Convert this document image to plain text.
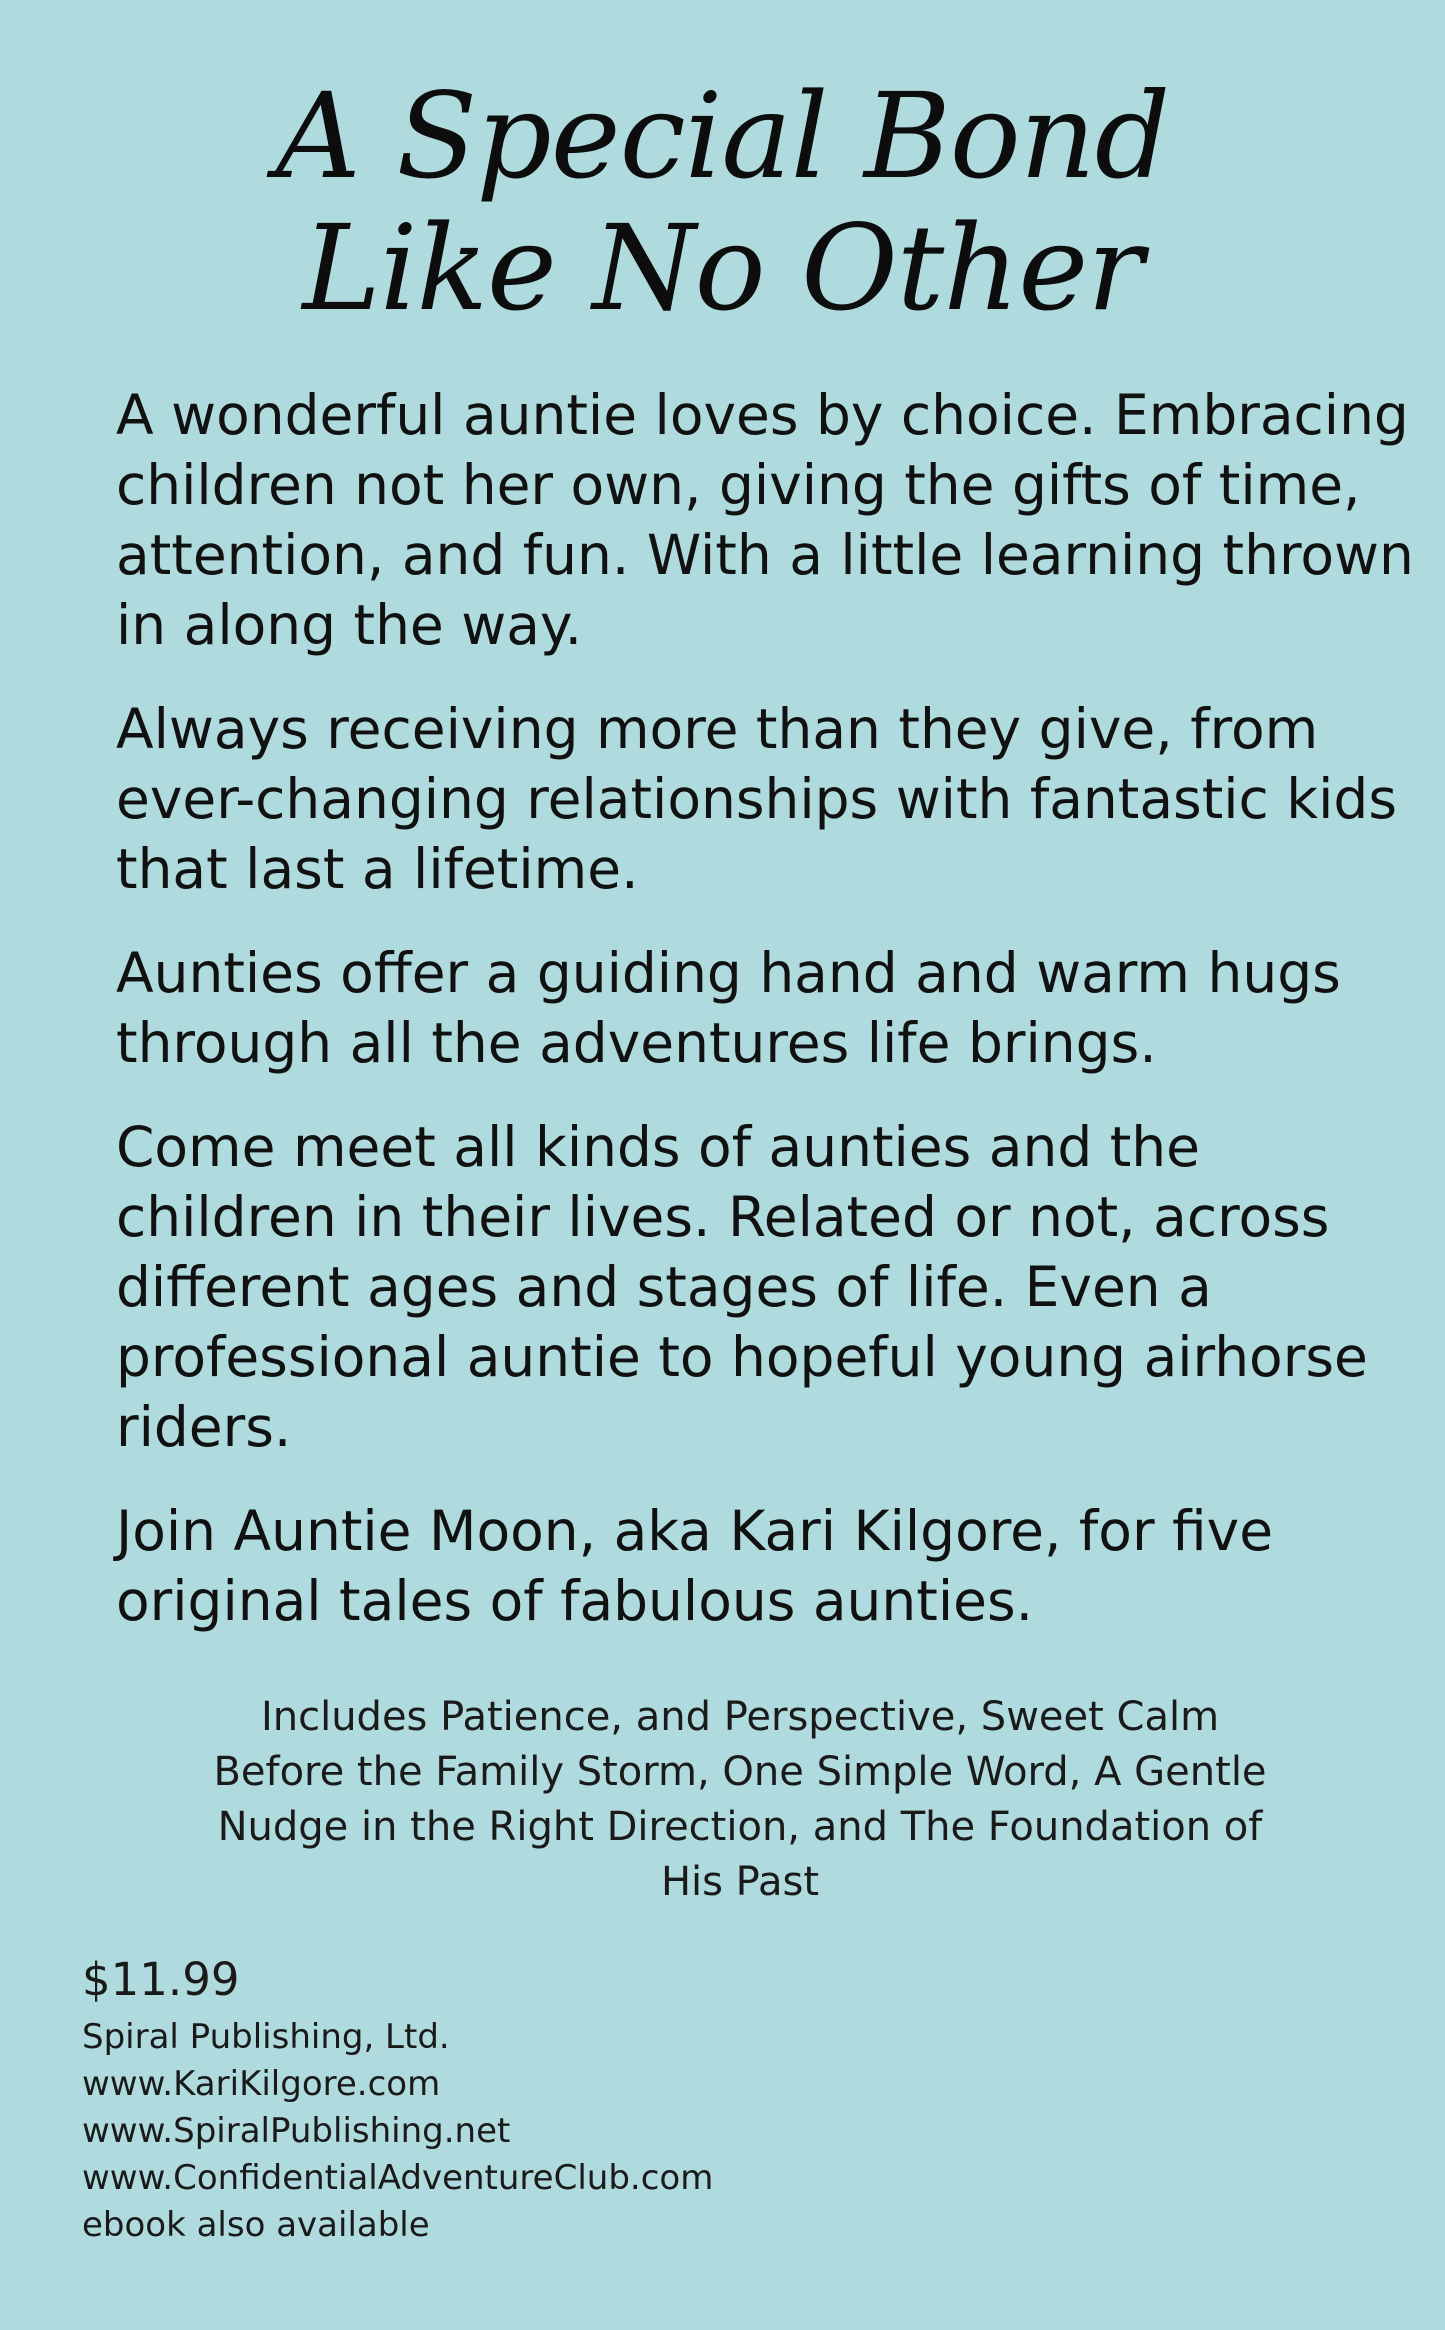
A Special Bond
Like No Other

A wonderful auntie loves by choice. Embracing children not her own, giving the gifts of time, attention, and fun. With a little learning thrown in along the way.

Always receiving more than they give, from ever-changing relationships with fantastic kids that last a lifetime.

Aunties offer a guiding hand and warm hugs through all the adventures life brings.

Come meet all kinds of aunties and the children in their lives. Related or not, across different ages and stages of life. Even a professional auntie to hopeful young airhorse riders.

Join Auntie Moon, aka Kari Kilgore, for five original tales of fabulous aunties.

Includes Patience, and Perspective, Sweet Calm Before the Family Storm, One Simple Word, A Gentle Nudge in the Right Direction, and The Foundation of His Past
$11.99
Spiral Publishing, Ltd.
www.KariKilgore.com
www.SpiralPublishing.net
www.ConfidentialAdventureClub.com
ebook also available
